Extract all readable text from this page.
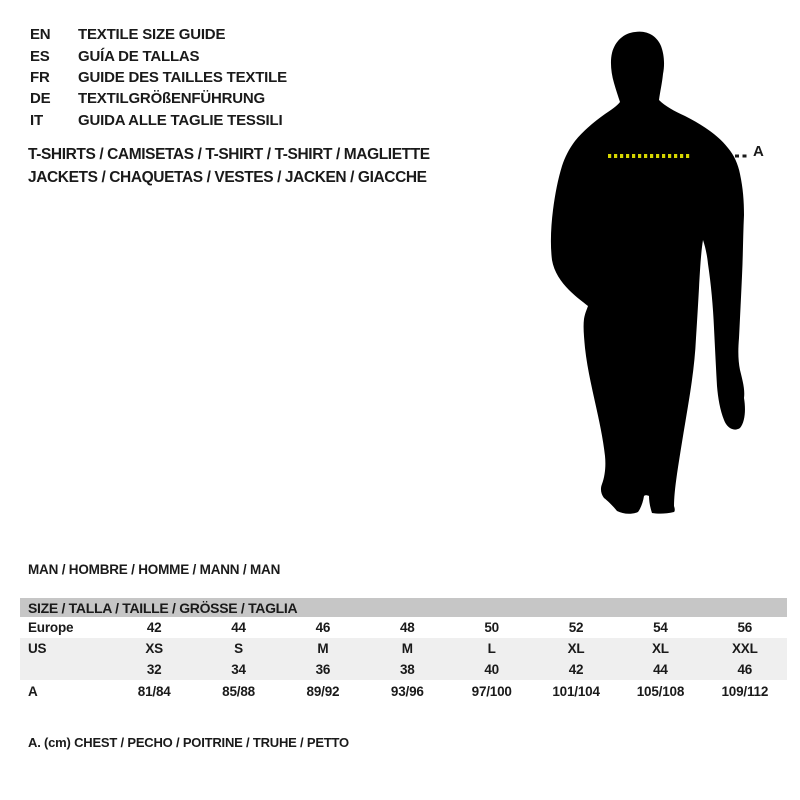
EN	TEXTILE SIZE GUIDE
ES	GUÍA DE TALLAS
FR	GUIDE DES TAILLES TEXTILE
DE	TEXTILGRÖßENFÜHRUNG
IT	GUIDA ALLE TAGLIE TESSILI
T-SHIRTS / CAMISETAS / T-SHIRT / T-SHIRT / MAGLIETTE
JACKETS / CHAQUETAS / VESTES / JACKEN / GIACCHE
A
MAN / HOMBRE / HOMME / MANN / MAN
SIZE / TALLA / TAILLE / GRÖSSE / TAGLIA								
Europe	42	44	46	48	50	52	54	56
US	XS	S	M	M	L	XL	XL	XXL
	32	34	36	38	40	42	44	46
A	81/84	85/88	89/92	93/96	97/100	101/104	105/108	109/112

A. (cm) CHEST / PECHO / POITRINE / TRUHE / PETTO
